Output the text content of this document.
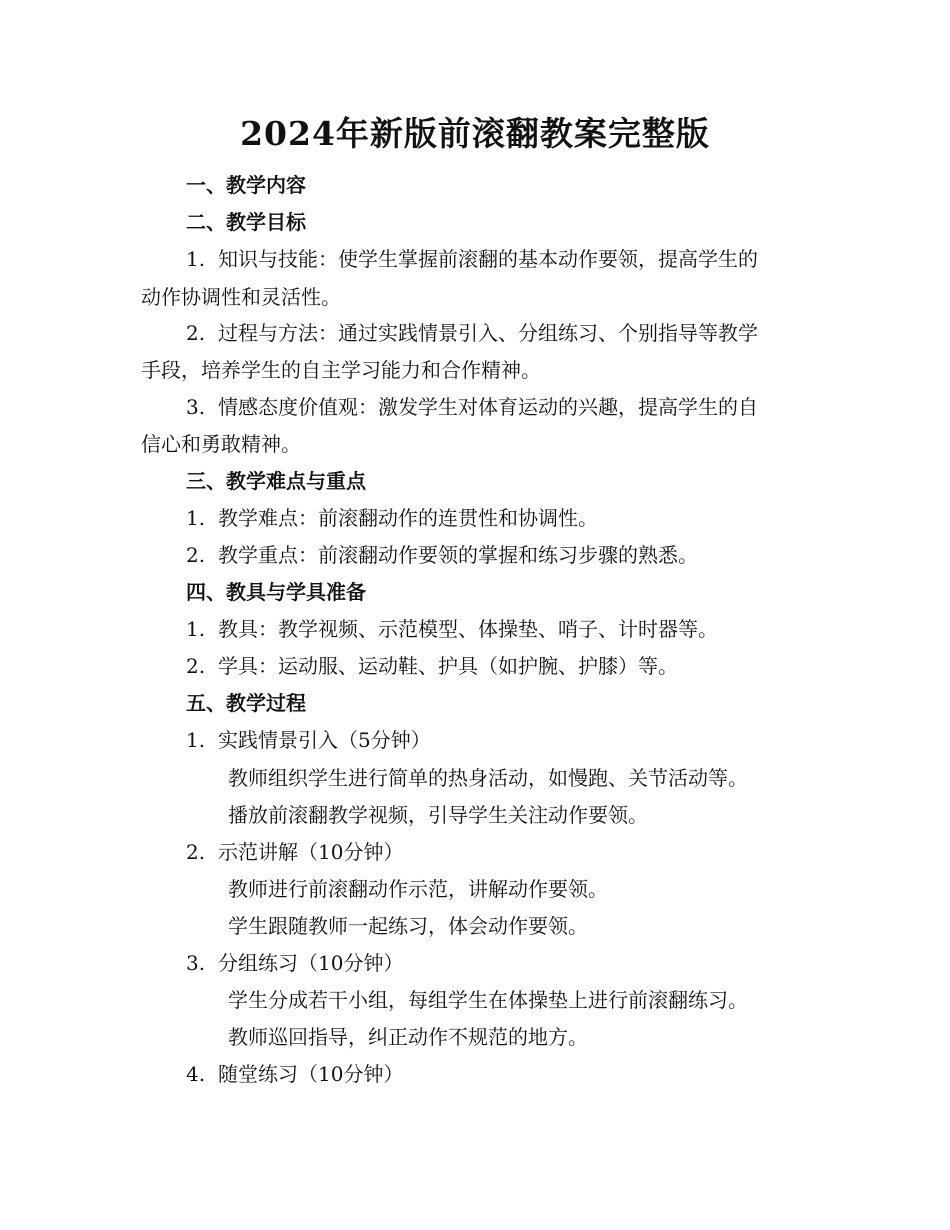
2024年新版前滚翻教案完整版
一、教学内容
二、教学目标
1. 知识与技能：使学生掌握前滚翻的基本动作要领，提高学生的
动作协调性和灵活性。
2. 过程与方法：通过实践情景引入、分组练习、个别指导等教学
手段，培养学生的自主学习能力和合作精神。
3. 情感态度价值观：激发学生对体育运动的兴趣，提高学生的自
信心和勇敢精神。
三、教学难点与重点
1. 教学难点：前滚翻动作的连贯性和协调性。
2. 教学重点：前滚翻动作要领的掌握和练习步骤的熟悉。
四、教具与学具准备
1. 教具：教学视频、示范模型、体操垫、哨子、计时器等。
2. 学具：运动服、运动鞋、护具（如护腕、护膝）等。
五、教学过程
1. 实践情景引入（5分钟）
教师组织学生进行简单的热身活动，如慢跑、关节活动等。
播放前滚翻教学视频，引导学生关注动作要领。
2. 示范讲解（10分钟）
教师进行前滚翻动作示范，讲解动作要领。
学生跟随教师一起练习，体会动作要领。
3. 分组练习（10分钟）
学生分成若干小组，每组学生在体操垫上进行前滚翻练习。
教师巡回指导，纠正动作不规范的地方。
4. 随堂练习（10分钟）
